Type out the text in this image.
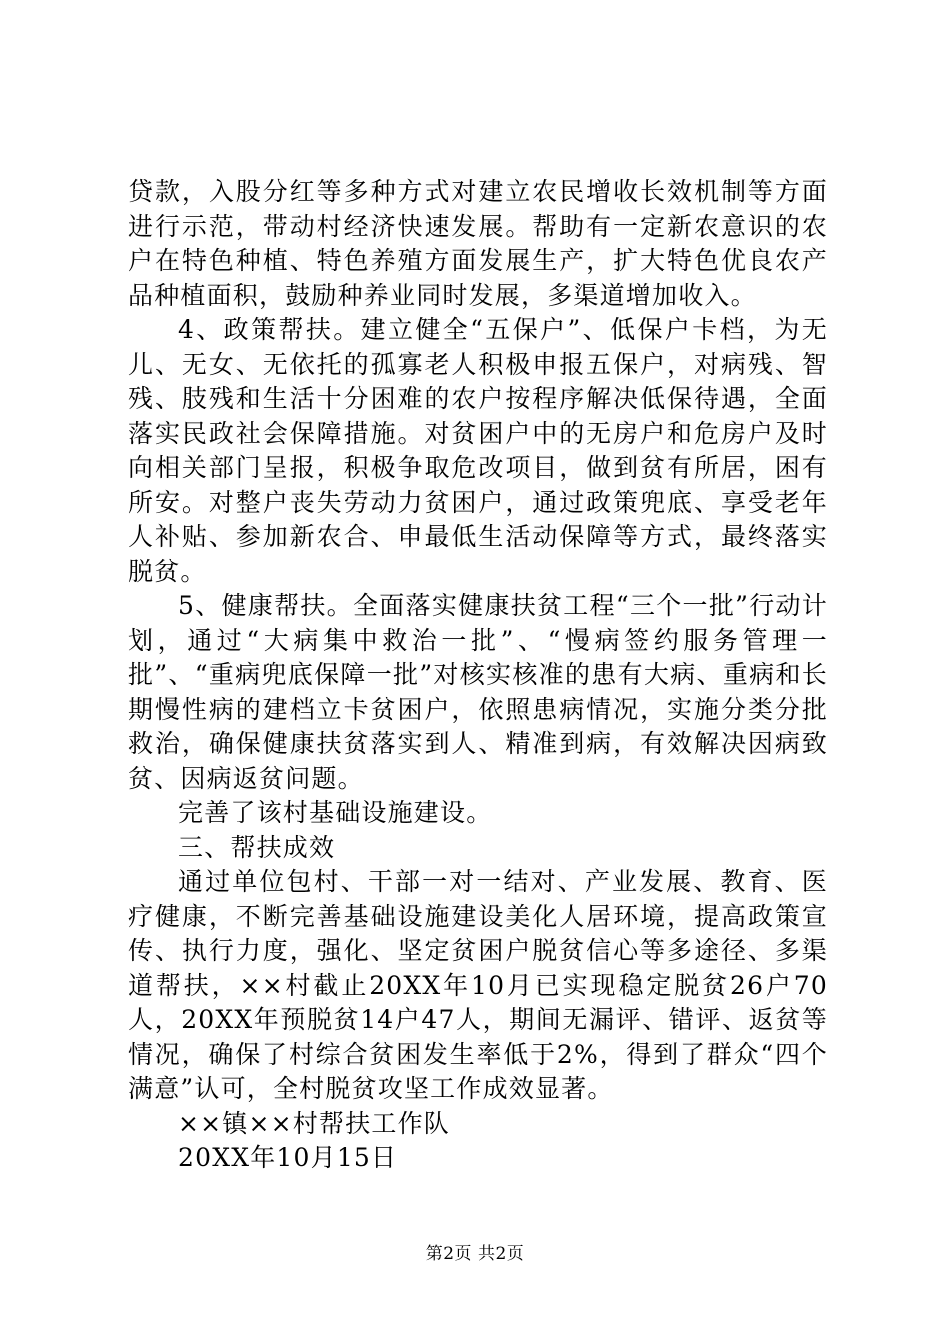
贷款，入股分红等多种方式对建立农民增收长效机制等方面进行示范，带动村经济快速发展。帮助有一定新农意识的农户在特色种植、特色养殖方面发展生产，扩大特色优良农产品种植面积，鼓励种养业同时发展，多渠道增加收入。

4、政策帮扶。建立健全“五保户”、低保户卡档，为无儿、无女、无依托的孤寡老人积极申报五保户，对病残、智残、肢残和生活十分困难的农户按程序解决低保待遇，全面落实民政社会保障措施。对贫困户中的无房户和危房户及时向相关部门呈报，积极争取危改项目，做到贫有所居，困有所安。对整户丧失劳动力贫困户，通过政策兜底、享受老年人补贴、参加新农合、申最低生活动保障等方式，最终落实脱贫。

5、健康帮扶。全面落实健康扶贫工程“三个一批”行动计划，通过“大病集中救治一批”、“慢病签约服务管理一批”、“重病兜底保障一批”对核实核准的患有大病、重病和长期慢性病的建档立卡贫困户，依照患病情况，实施分类分批救治，确保健康扶贫落实到人、精准到病，有效解决因病致贫、因病返贫问题。

完善了该村基础设施建设。

三、帮扶成效

通过单位包村、干部一对一结对、产业发展、教育、医疗健康，不断完善基础设施建设美化人居环境，提高政策宣传、执行力度，强化、坚定贫困户脱贫信心等多途径、多渠道帮扶，××村截止20XX年10月已实现稳定脱贫26户70人，20XX年预脱贫14户47人，期间无漏评、错评、返贫等情况，确保了村综合贫困发生率低于2%，得到了群众“四个满意”认可，全村脱贫攻坚工作成效显著。

××镇××村帮扶工作队

20XX年10月15日

第2页 共2页
